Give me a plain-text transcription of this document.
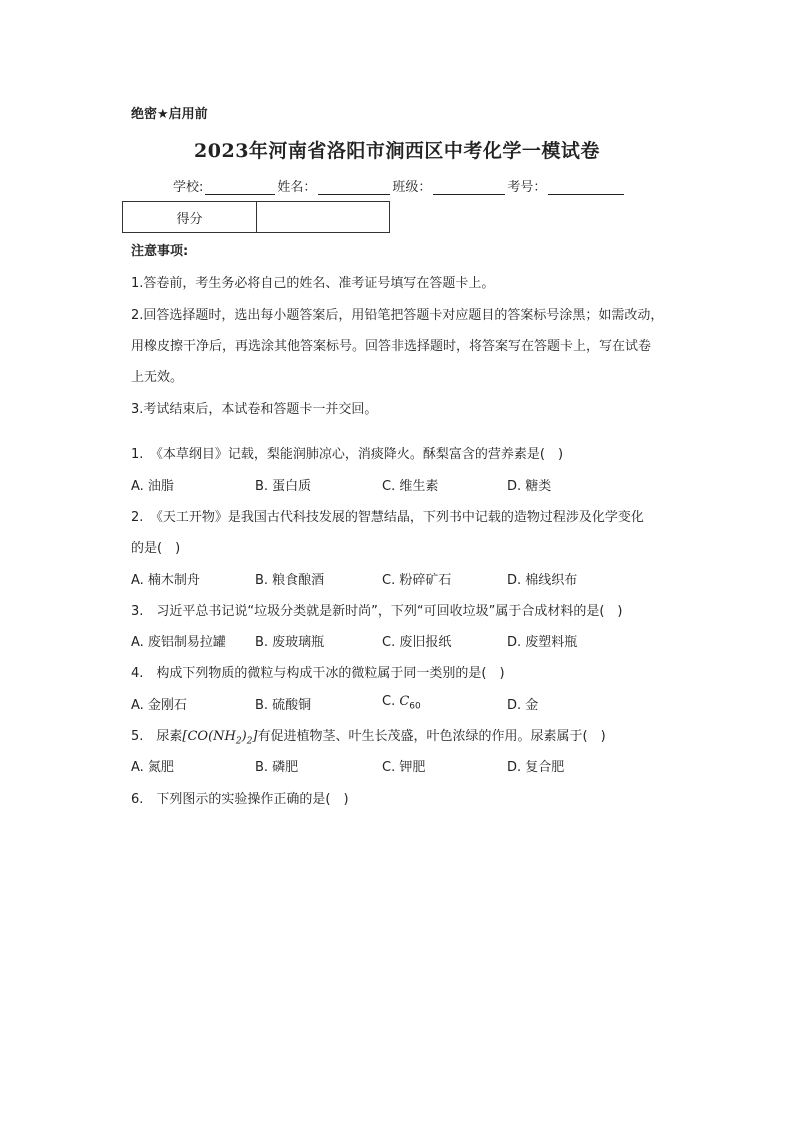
绝密★启用前
2023年河南省洛阳市涧西区中考化学一模试卷
学校:	姓名：	班级：	考号：
得分	
注意事项:
1.答卷前，考生务必将自己的姓名、准考证号填写在答题卡上。
2.回答选择题时，选出每小题答案后，用铅笔把答题卡对应题目的答案标号涂黑；如需改动，
用橡皮擦干净后，再选涂其他答案标号。回答非选择题时，将答案写在答题卡上，写在试卷
上无效。
3.考试结束后，本试卷和答题卡一并交回。
1.　《本草纲目》记载，梨能润肺凉心，消痰降火。酥梨富含的营养素是(　)
A. 油脂	B. 蛋白质	C. 维生素	D. 糖类
2.　《天工开物》是我国古代科技发展的智慧结晶，下列书中记载的造物过程涉及化学变化
的是(　)
A. 楠木制舟	B. 粮食酿酒	C. 粉碎矿石	D. 棉线织布
3.　习近平总书记说“垃圾分类就是新时尚”，下列“可回收垃圾”属于合成材料的是(　)
A. 废铝制易拉罐 B. 废玻璃瓶	C. 废旧报纸	D. 废塑料瓶
4.　构成下列物质的微粒与构成干冰的微粒属于同一类别的是(　)
A. 金刚石	B. 硫酸铜	C. $C_{60}$	D. 金
5.　尿素$[CO(NH_2)_2]$有促进植物茎、叶生长茂盛，叶色浓绿的作用。尿素属于(　)
A. 氮肥	B. 磷肥	C. 钾肥	D. 复合肥
6.　下列图示的实验操作正确的是(　)
